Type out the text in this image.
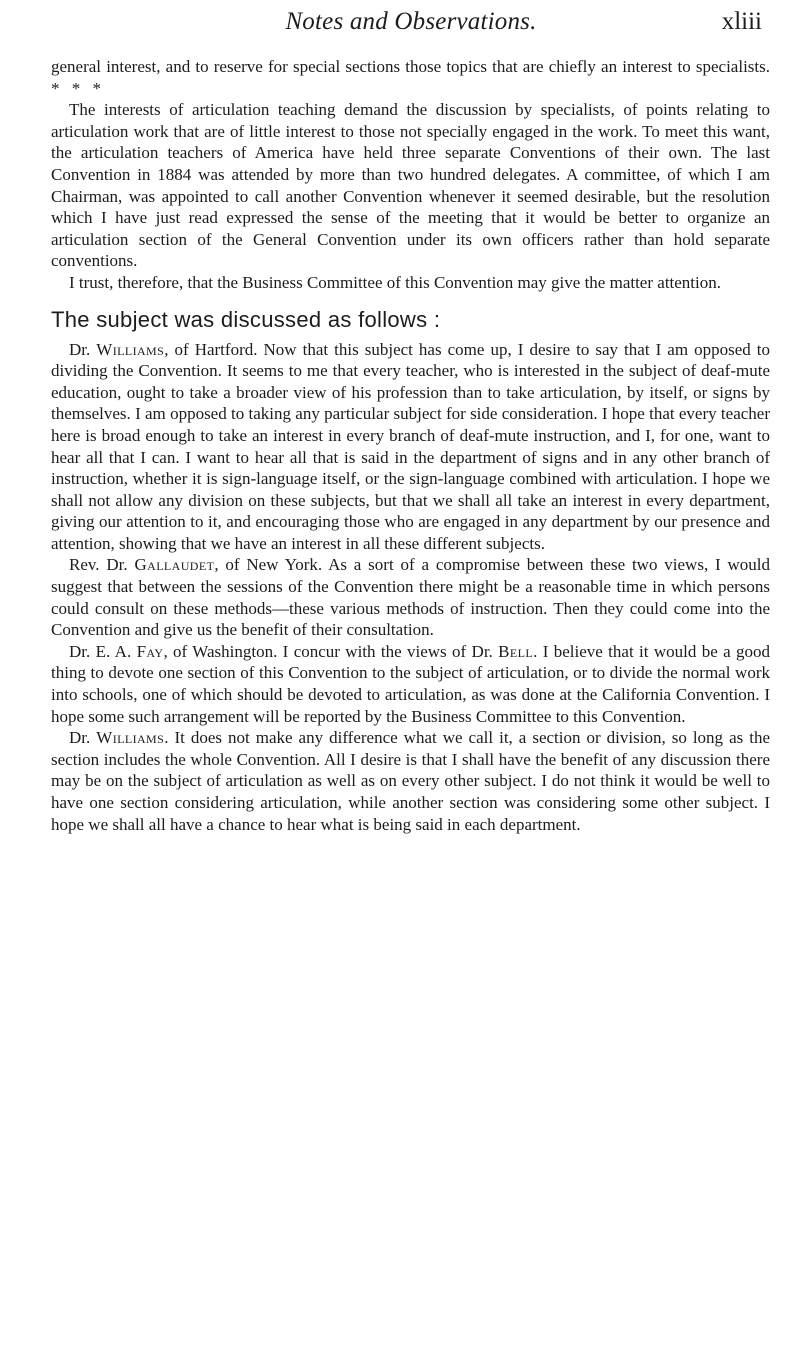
Notes and Observations.	xliii

general interest, and to reserve for special sections those topics that are chiefly an interest to specialists. * * *

The interests of articulation teaching demand the discussion by specialists, of points relating to articulation work that are of little interest to those not specially engaged in the work. To meet this want, the articulation teachers of America have held three separate Conventions of their own. The last Convention in 1884 was attended by more than two hundred delegates. A committee, of which I am Chairman, was appointed to call another Convention whenever it seemed desirable, but the resolution which I have just read expressed the sense of the meeting that it would be better to organize an articulation section of the General Convention under its own officers rather than hold separate conventions.

I trust, therefore, that the Business Committee of this Convention may give the matter attention.

The subject was discussed as follows :

Dr. Williams, of Hartford. Now that this subject has come up, I desire to say that I am opposed to dividing the Convention. It seems to me that every teacher, who is interested in the subject of deaf-mute education, ought to take a broader view of his profession than to take articulation, by itself, or signs by themselves. I am opposed to taking any particular subject for side consideration. I hope that every teacher here is broad enough to take an interest in every branch of deaf-mute instruction, and I, for one, want to hear all that I can. I want to hear all that is said in the department of signs and in any other branch of instruction, whether it is sign-language itself, or the sign-language combined with articulation. I hope we shall not allow any division on these subjects, but that we shall all take an interest in every department, giving our attention to it, and encouraging those who are engaged in any department by our presence and attention, showing that we have an interest in all these different subjects.

Rev. Dr. Gallaudet, of New York. As a sort of a compromise between these two views, I would suggest that between the sessions of the Convention there might be a reasonable time in which persons could consult on these methods—these various methods of instruction. Then they could come into the Convention and give us the benefit of their consultation.

Dr. E. A. Fay, of Washington. I concur with the views of Dr. Bell. I believe that it would be a good thing to devote one section of this Convention to the subject of articulation, or to divide the normal work into schools, one of which should be devoted to articulation, as was done at the California Convention. I hope some such arrangement will be reported by the Business Committee to this Convention.

Dr. Williams. It does not make any difference what we call it, a section or division, so long as the section includes the whole Convention. All I desire is that I shall have the benefit of any discussion there may be on the subject of articulation as well as on every other subject. I do not think it would be well to have one section considering articulation, while another section was considering some other subject. I hope we shall all have a chance to hear what is being said in each department.
